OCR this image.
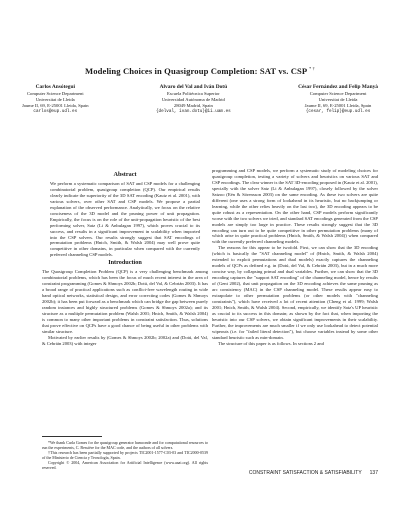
Modeling Choices in Quasigroup Completion: SAT vs. CSP * †
Carlos Ansótegui
Computer Science Department
Universitat de Lleida
Jaume II, 69, E-25001 Lleida, Spain
carlos@eup.udl.es
Alvaro del Val and Iván Dotú
Escuela Politécnica Superior
Universidad Autónoma de Madrid
28049 Madrid, Spain
{delval, ivan.dotu}@ii.uam.es
César Fernández and Felip Manyà
Computer Science Department
Universitat de Lleida
Jaume II, 69, E-25001 Lleida, Spain
{cesar, felip}@eup.udl.es
Abstract

We perform a systematic comparison of SAT and CSP models for a challenging combinatorial problem, quasigroup completion (QCP). Our empirical results clearly indicate the superiority of the 3D SAT encoding (Kautz et al. 2001), with various solvers, over other SAT and CSP models. We propose a partial explanation of the observed performance. Analytically, we focus on the relative conciseness of the 3D model and the pruning power of unit propagation. Empirically, the focus is on the role of the unit-propagation heuristic of the best performing solver, Satz (Li & Anbulagan 1997), which proves crucial to its success, and results in a significant improvement in scalability when imported into the CSP solvers. Our results strongly suggest that SAT encodings of permutation problems (Hnich, Smith, & Walsh 2004) may well prove quite competitive in other domains, in particular when compared with the currently preferred channeling CSP models.

Introduction

The Quasigroup Completion Problem (QCP) is a very challenging benchmark among combinatorial problems, which has been the focus of much recent interest in the area of constraint programming (Gomes & Shmoys 2002b; Dotú, del Val, & Cebrián 2003). It has a broad range of practical applications such as conflict-free wavelength routing in wide band optical networks, statistical design, and error correcting codes (Gomes & Shmoys 2002b); it has been put forward as a benchmark which can bridge the gap between purely random instances and highly structured problems (Gomes & Shmoys 2002a); and its structure as a multiple permutation problem (Walsh 2001; Hnich, Smith, & Walsh 2004) is common to many other important problems in constraint satisfaction. Thus, solutions that prove effective on QCPs have a good chance of being useful in other problems with similar structure.

Motivated by earlier results by (Gomes & Shmoys 2002b; 2002a) and (Dotú, del Val, & Cebrián 2003) with integer

*We thank Carla Gomes for the quasigroup generator hamconde and for computational resources to run the experiments, C. Bessière for the MAC code, and the authors of all solvers.

†This research has been partially supported by projects TIC2001-1577-C03-03 and TIC2000-0539 of the Ministerio de Ciencia y Tecnología, Spain.

Copyright © 2004, American Association for Artificial Intelligence (www.aaai.org). All rights reserved.

programming and CSP models, we perform a systematic study of modeling choices for quasigroup completion, testing a variety of solvers and heuristics on various SAT and CSP encodings. The clear winner is the SAT 3D-encoding proposed in (Kautz et al. 2001), specially with the solver Satz (Li & Anbulagan 1997), closely followed by the solver Satzoo (Eén & Sörensson 2003) on the same encoding. As these two solvers are quite different (one uses a strong form of lookahead in its heuristic, but no backjumping or learning, while the other relies heavily on the last two), the 3D encoding appears to be quite robust as a representation. On the other hand, CSP models perform significantly worse with the two solvers we tried, and standard SAT encodings generated from the CSP models are simply too large in practice. These results strongly suggest that the 3D encoding can turn out to be quite competitive in other permutation problems (many of which arise in quite practical problems (Hnich, Smith, & Walsh 2004)) when compared with the currently preferred channeling models.

The reasons for this appear to be twofold. First, we can show that the 3D encoding (which is basically the "SAT channeling model" of (Hnich, Smith, & Walsh 2004) extended to exploit permutations and dual models) exactly captures the channeling models of QCPs as defined e.g. in (Dotú, del Val, & Cebrián 2003), but in a much more concise way, by collapsing primal and dual variables. Further, we can show that the 3D encoding captures the "support SAT encoding" of the channeling model, hence by results of (Gent 2002), that unit propagation on the 3D encoding achieves the same pruning as arc consistency (MAC) in the CSP channeling model. These results appear easy to extrapolate to other permutation problems (or other models with "channeling constraints"), which have received a lot of recent attention (Cheng et al. 1999; Walsh 2001; Hnich, Smith, & Walsh 2004). Second, empirically, we identify Satz's UP heuristic as crucial to its success in this domain; as shown by the fact that, when importing the heuristic into our CSP solvers, we obtain significant improvements in their scalability. Further, the improvements are much smaller if we only use lookahead to detect potential wipeouts (i.e. for "failed literal detection"), but choose variables instead by some other standard heuristic such as min-domain.

The structure of this paper is as follows. In sections 2 and

CONSTRAINT SATISFACTION & SATISFIABILITY 137
